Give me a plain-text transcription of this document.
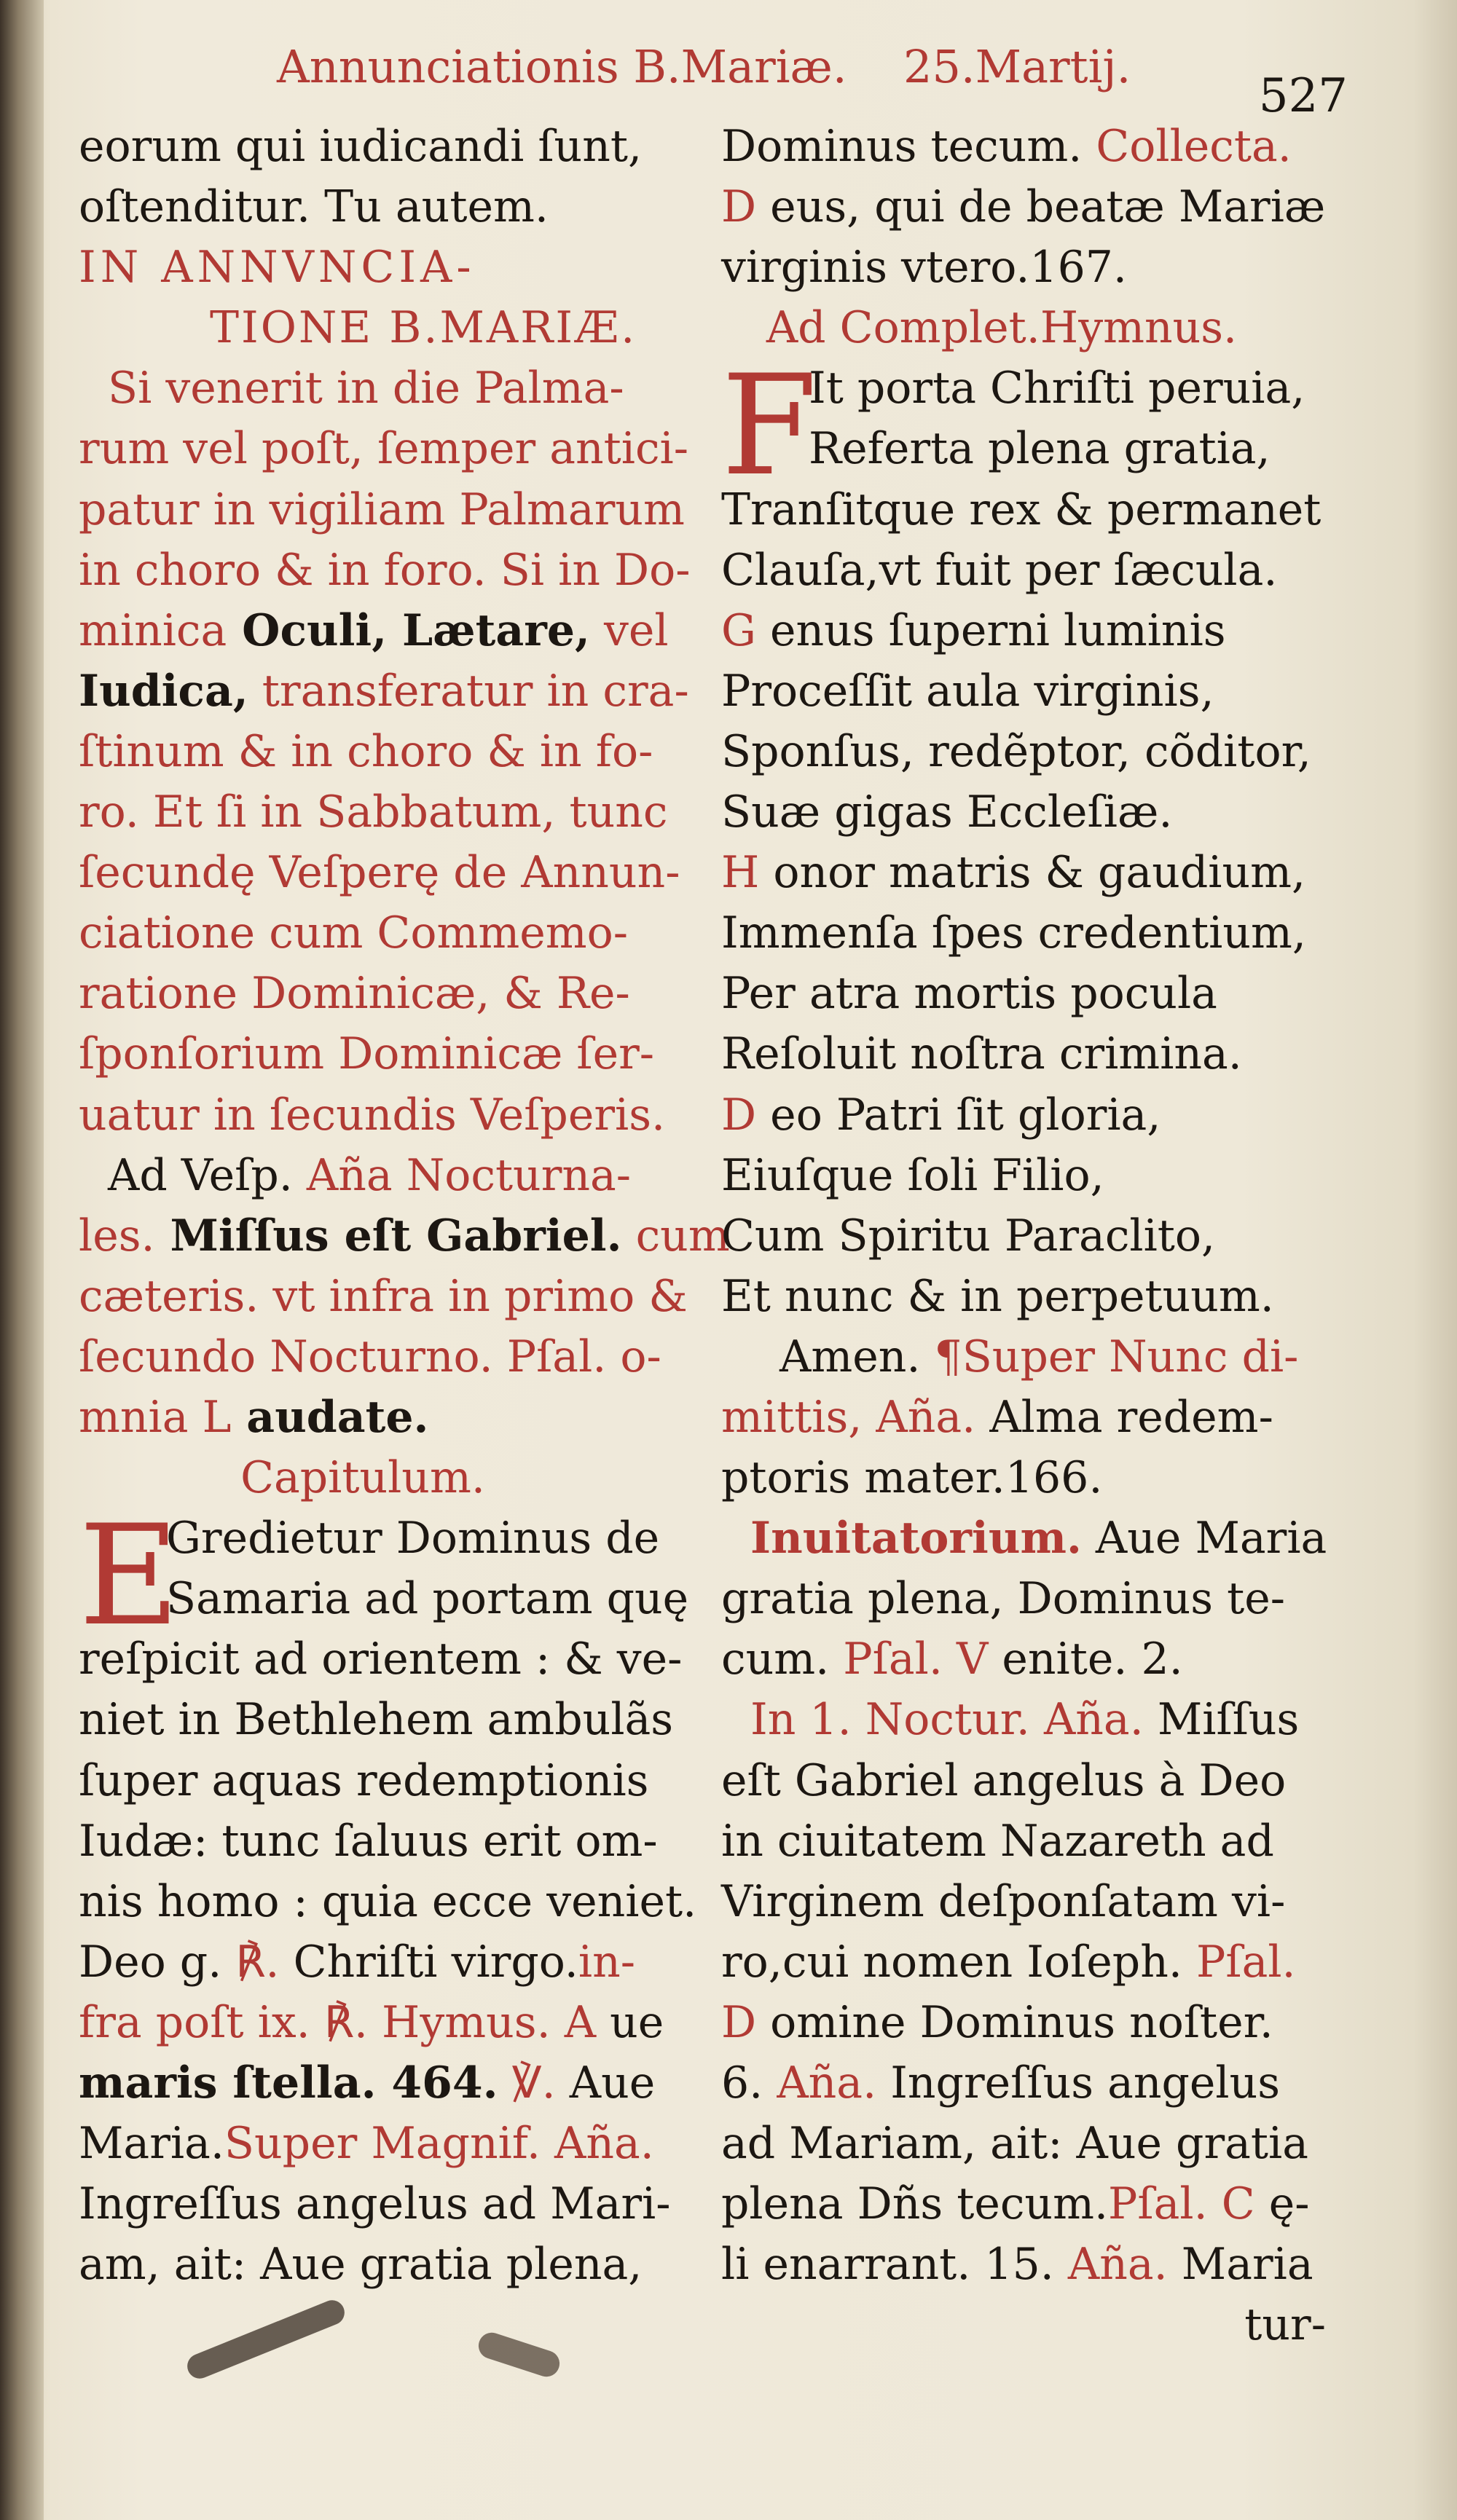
Annunciationis B.Mariæ. 25.Martij.
527
eorum qui iudicandi ſunt,
oſtenditur. Tu autem.
IN ANNVNCIA-
TIONE B.MARIÆ.
Si venerit in die Palma-
rum vel poſt, ſemper antici-
patur in vigiliam Palmarum
in choro & in foro. Si in Do-
minica Oculi, Lætare, vel
Iudica, transferatur in cra-
ſtinum & in choro & in fo-
ro. Et ſi in Sabbatum, tunc
ſecundę Veſperę de Annun-
ciatione cum Commemo-
ratione Dominicæ, & Re-
ſponſorium Dominicæ ſer-
uatur in ſecundis Veſperis.
Ad Veſp. Aña Nocturna-
les. Miſſus eſt Gabriel. cum
cæteris. vt infra in primo &
ſecundo Nocturno. Pſal. o-
mnia L audate.
Capitulum.
E
Gredietur Dominus de
Samaria ad portam quę
reſpicit ad orientem : & ve-
niet in Bethlehem ambulãs
ſuper aquas redemptionis
Iudæ: tunc ſaluus erit om-
nis homo : quia ecce veniet.
Deo g. ℟. Chriſti virgo.in-
fra poſt ix. ℟. Hymus. A ue
maris ſtella. 464. ℣. Aue
Maria.Super Magnif. Aña.
Ingreſſus angelus ad Mari-
am, ait: Aue gratia plena,
Dominus tecum. Collecta.
D eus, qui de beatæ Mariæ
virginis vtero.167.
Ad Complet.Hymnus.
F
It porta Chriſti peruia,
Referta plena gratia,
Tranſitque rex & permanet
Clauſa,vt fuit per ſæcula.
G enus ſuperni luminis
Proceſſit aula virginis,
Sponſus, redẽptor, cõditor,
Suæ gigas Eccleſiæ.
H onor matris & gaudium,
Immenſa ſpes credentium,
Per atra mortis pocula
Reſoluit noſtra crimina.
D eo Patri ſit gloria,
Eiuſque ſoli Filio,
Cum Spiritu Paraclito,
Et nunc & in perpetuum.
Amen. ¶Super Nunc di-
mittis, Aña. Alma redem-
ptoris mater.166.
Inuitatorium. Aue Maria
gratia plena, Dominus te-
cum. Pſal. V enite. 2.
In 1. Noctur. Aña. Miſſus
eſt Gabriel angelus à Deo
in ciuitatem Nazareth ad
Virginem deſponſatam vi-
ro,cui nomen Ioſeph. Pſal.
D omine Dominus noſter.
6. Aña. Ingreſſus angelus
ad Mariam, ait: Aue gratia
plena Dñs tecum.Pſal. C ę-
li enarrant. 15. Aña. Maria
tur-
